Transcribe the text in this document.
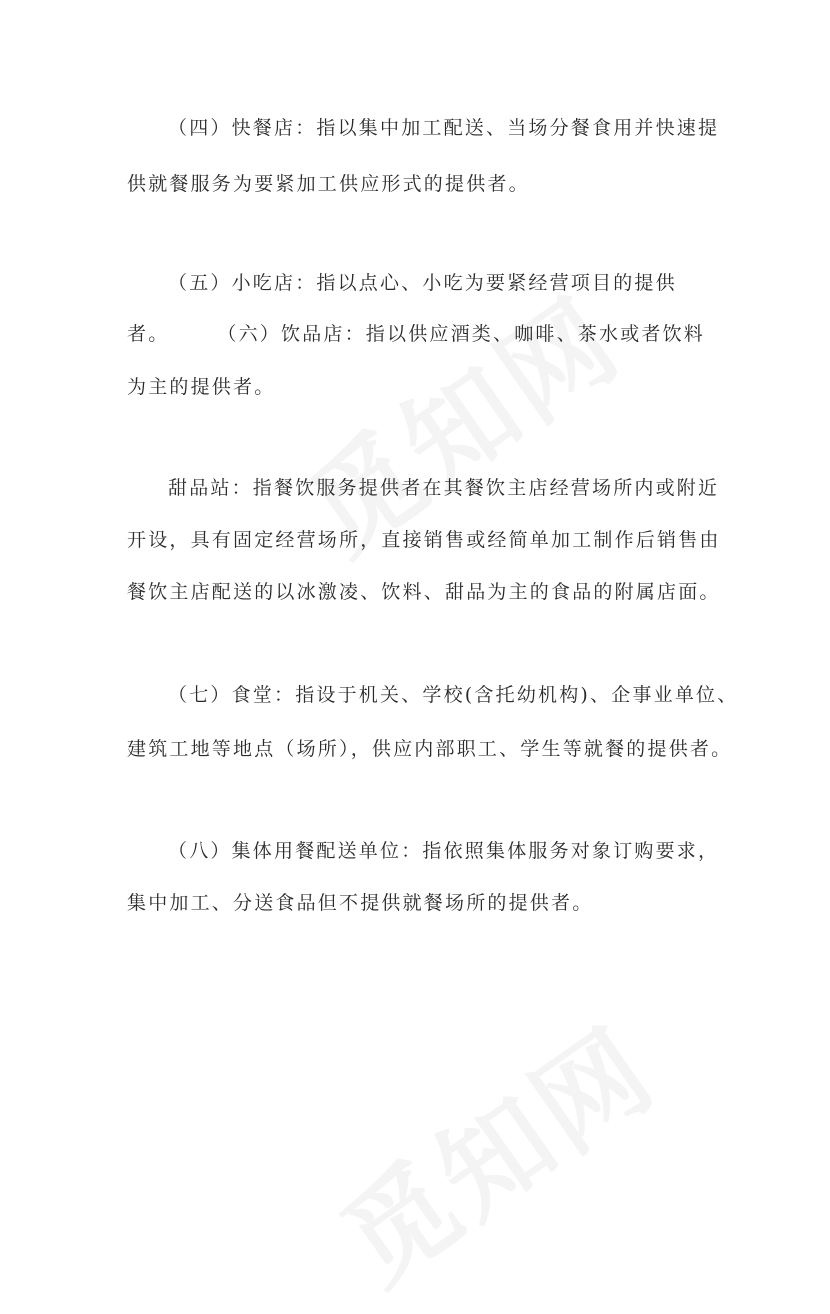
（四）快餐店：指以集中加工配送、当场分餐食用并快速提
供就餐服务为要紧加工供应形式的提供者。
（五）小吃店：指以点心、小吃为要紧经营项目的提供
者。	（六）饮品店：指以供应酒类、咖啡、茶水或者饮料
为主的提供者。
甜品站：指餐饮服务提供者在其餐饮主店经营场所内或附近
开设，具有固定经营场所，直接销售或经简单加工制作后销售由
餐饮主店配送的以冰激凌、饮料、甜品为主的食品的附属店面。
（七）食堂：指设于机关、学校(含托幼机构)、企事业单位、
建筑工地等地点（场所），供应内部职工、学生等就餐的提供者。
（八）集体用餐配送单位：指依照集体服务对象订购要求，
集中加工、分送食品但不提供就餐场所的提供者。
